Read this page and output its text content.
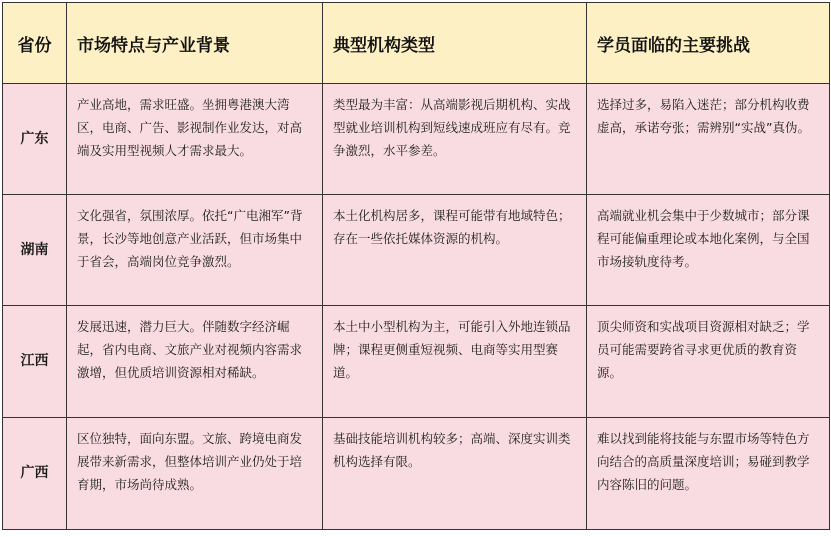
省份	市场特点与产业背景	典型机构类型	学员面临的主要挑战
广东	产业高地，需求旺盛。坐拥粤港澳大湾区，电商、广告、影视制作业发达，对高端及实用型视频人才需求最大。	类型最为丰富：从高端影视后期机构、实战型就业培训机构到短线速成班应有尽有。竞争激烈，水平参差。	选择过多，易陷入迷茫；部分机构收费虚高，承诺夸张；需辨别“实战”真伪。
湖南	文化强省，氛围浓厚。依托“广电湘军”背景，长沙等地创意产业活跃，但市场集中于省会，高端岗位竞争激烈。	本土化机构居多，课程可能带有地域特色；存在一些依托媒体资源的机构。	高端就业机会集中于少数城市；部分课程可能偏重理论或本地化案例，与全国市场接轨度待考。
江西	发展迅速，潜力巨大。伴随数字经济崛起，省内电商、文旅产业对视频内容需求激增，但优质培训资源相对稀缺。	本土中小型机构为主，可能引入外地连锁品牌；课程更侧重短视频、电商等实用型赛道。	顶尖师资和实战项目资源相对缺乏；学员可能需要跨省寻求更优质的教育资源。
广西	区位独特，面向东盟。文旅、跨境电商发展带来新需求，但整体培训产业仍处于培育期，市场尚待成熟。	基础技能培训机构较多；高端、深度实训类机构选择有限。	难以找到能将技能与东盟市场等特色方向结合的高质量深度培训；易碰到教学内容陈旧的问题。
